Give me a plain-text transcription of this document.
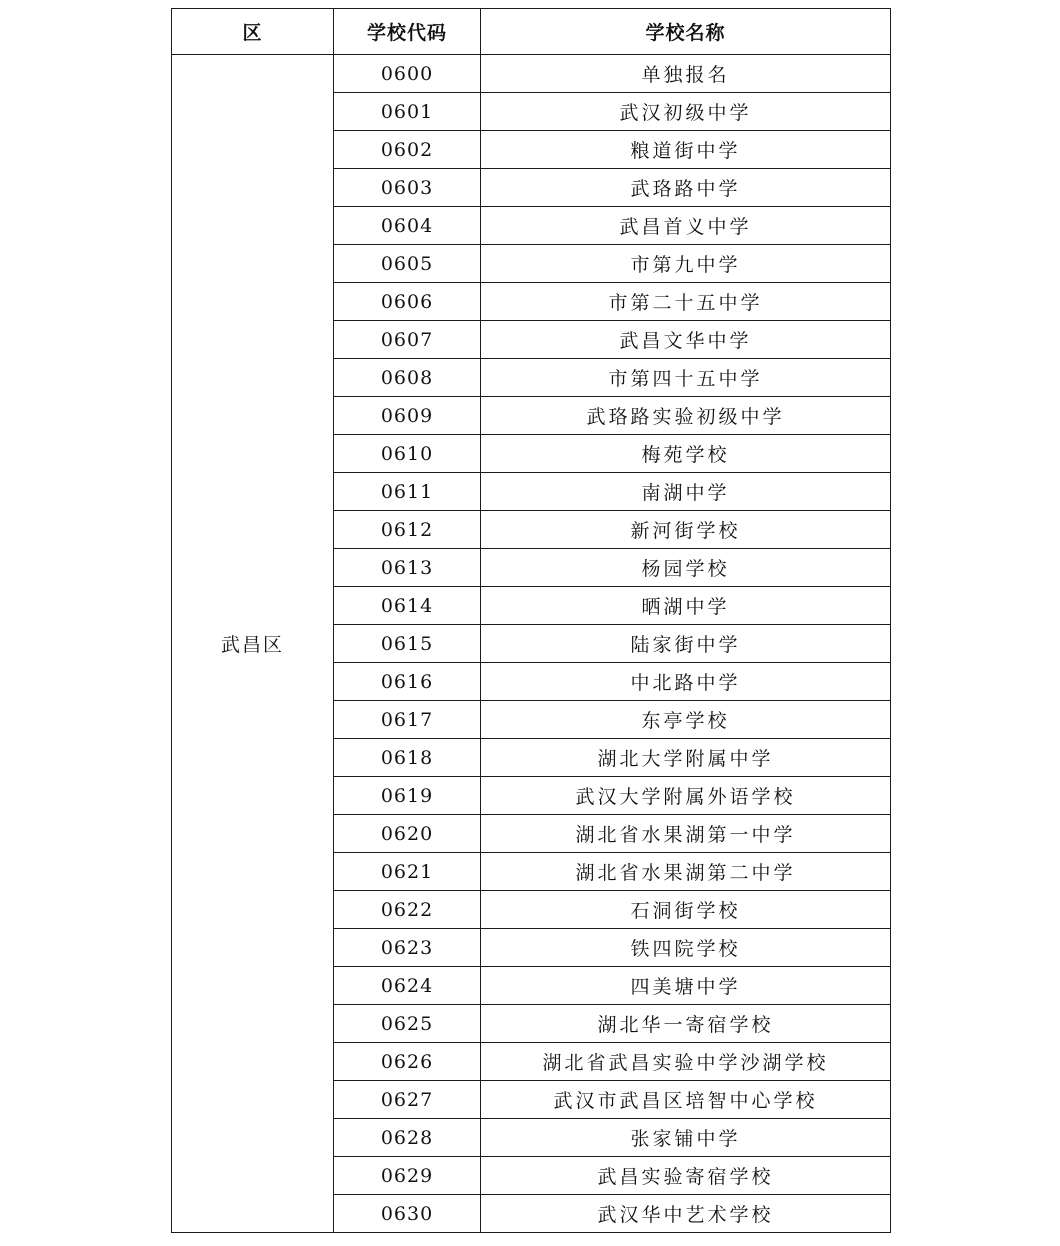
区	学校代码	学校名称
武昌区	0600	单独报名
	0601	武汉初级中学
	0602	粮道街中学
	0603	武珞路中学
	0604	武昌首义中学
	0605	市第九中学
	0606	市第二十五中学
	0607	武昌文华中学
	0608	市第四十五中学
	0609	武珞路实验初级中学
	0610	梅苑学校
	0611	南湖中学
	0612	新河街学校
	0613	杨园学校
	0614	晒湖中学
	0615	陆家街中学
	0616	中北路中学
	0617	东亭学校
	0618	湖北大学附属中学
	0619	武汉大学附属外语学校
	0620	湖北省水果湖第一中学
	0621	湖北省水果湖第二中学
	0622	石洞街学校
	0623	铁四院学校
	0624	四美塘中学
	0625	湖北华一寄宿学校
	0626	湖北省武昌实验中学沙湖学校
	0627	武汉市武昌区培智中心学校
	0628	张家铺中学
	0629	武昌实验寄宿学校
	0630	武汉华中艺术学校
